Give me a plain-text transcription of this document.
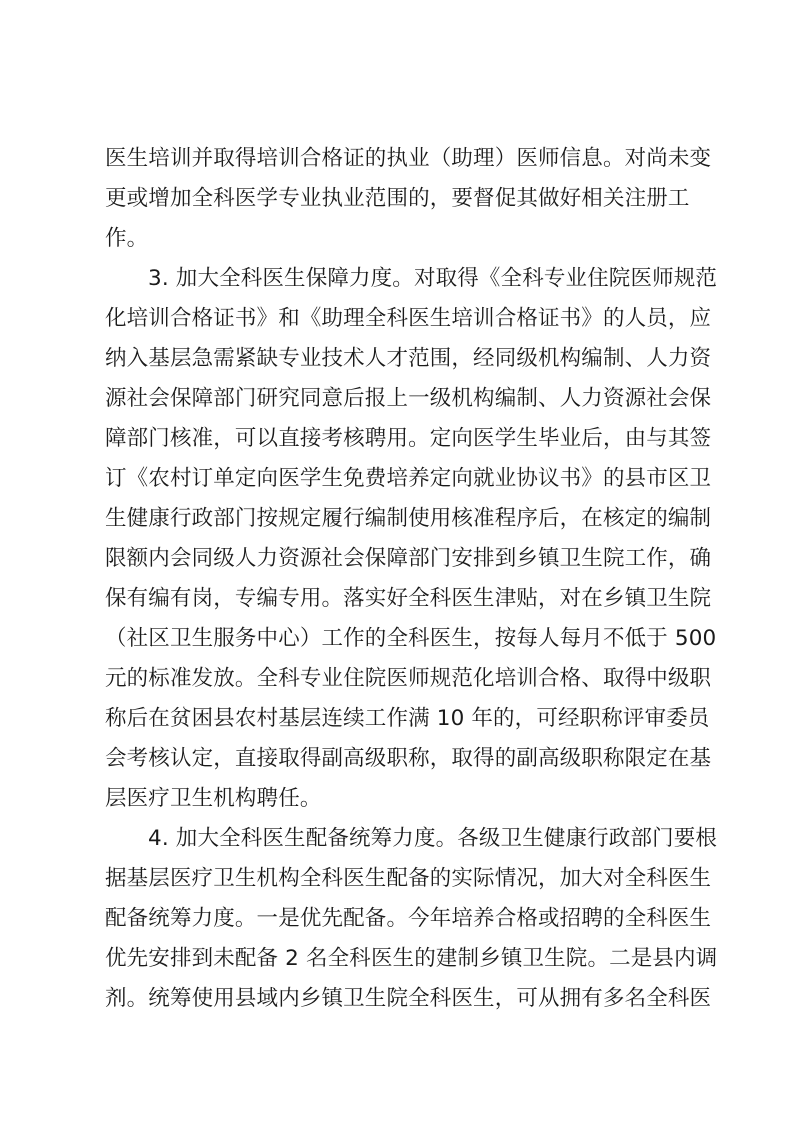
医生培训并取得培训合格证的执业（助理）医师信息。对尚未变
更或增加全科医学专业执业范围的，要督促其做好相关注册工
作。
3. 加大全科医生保障力度。对取得《全科专业住院医师规范
化培训合格证书》和《助理全科医生培训合格证书》的人员，应
纳入基层急需紧缺专业技术人才范围，经同级机构编制、人力资
源社会保障部门研究同意后报上一级机构编制、人力资源社会保
障部门核准，可以直接考核聘用。定向医学生毕业后，由与其签
订《农村订单定向医学生免费培养定向就业协议书》的县市区卫
生健康行政部门按规定履行编制使用核准程序后，在核定的编制
限额内会同级人力资源社会保障部门安排到乡镇卫生院工作，确
保有编有岗，专编专用。落实好全科医生津贴，对在乡镇卫生院
（社区卫生服务中心）工作的全科医生，按每人每月不低于 500
元的标准发放。全科专业住院医师规范化培训合格、取得中级职
称后在贫困县农村基层连续工作满 10 年的，可经职称评审委员
会考核认定，直接取得副高级职称，取得的副高级职称限定在基
层医疗卫生机构聘任。
4. 加大全科医生配备统筹力度。各级卫生健康行政部门要根
据基层医疗卫生机构全科医生配备的实际情况，加大对全科医生
配备统筹力度。一是优先配备。今年培养合格或招聘的全科医生
优先安排到未配备 2 名全科医生的建制乡镇卫生院。二是县内调
剂。统筹使用县域内乡镇卫生院全科医生，可从拥有多名全科医
